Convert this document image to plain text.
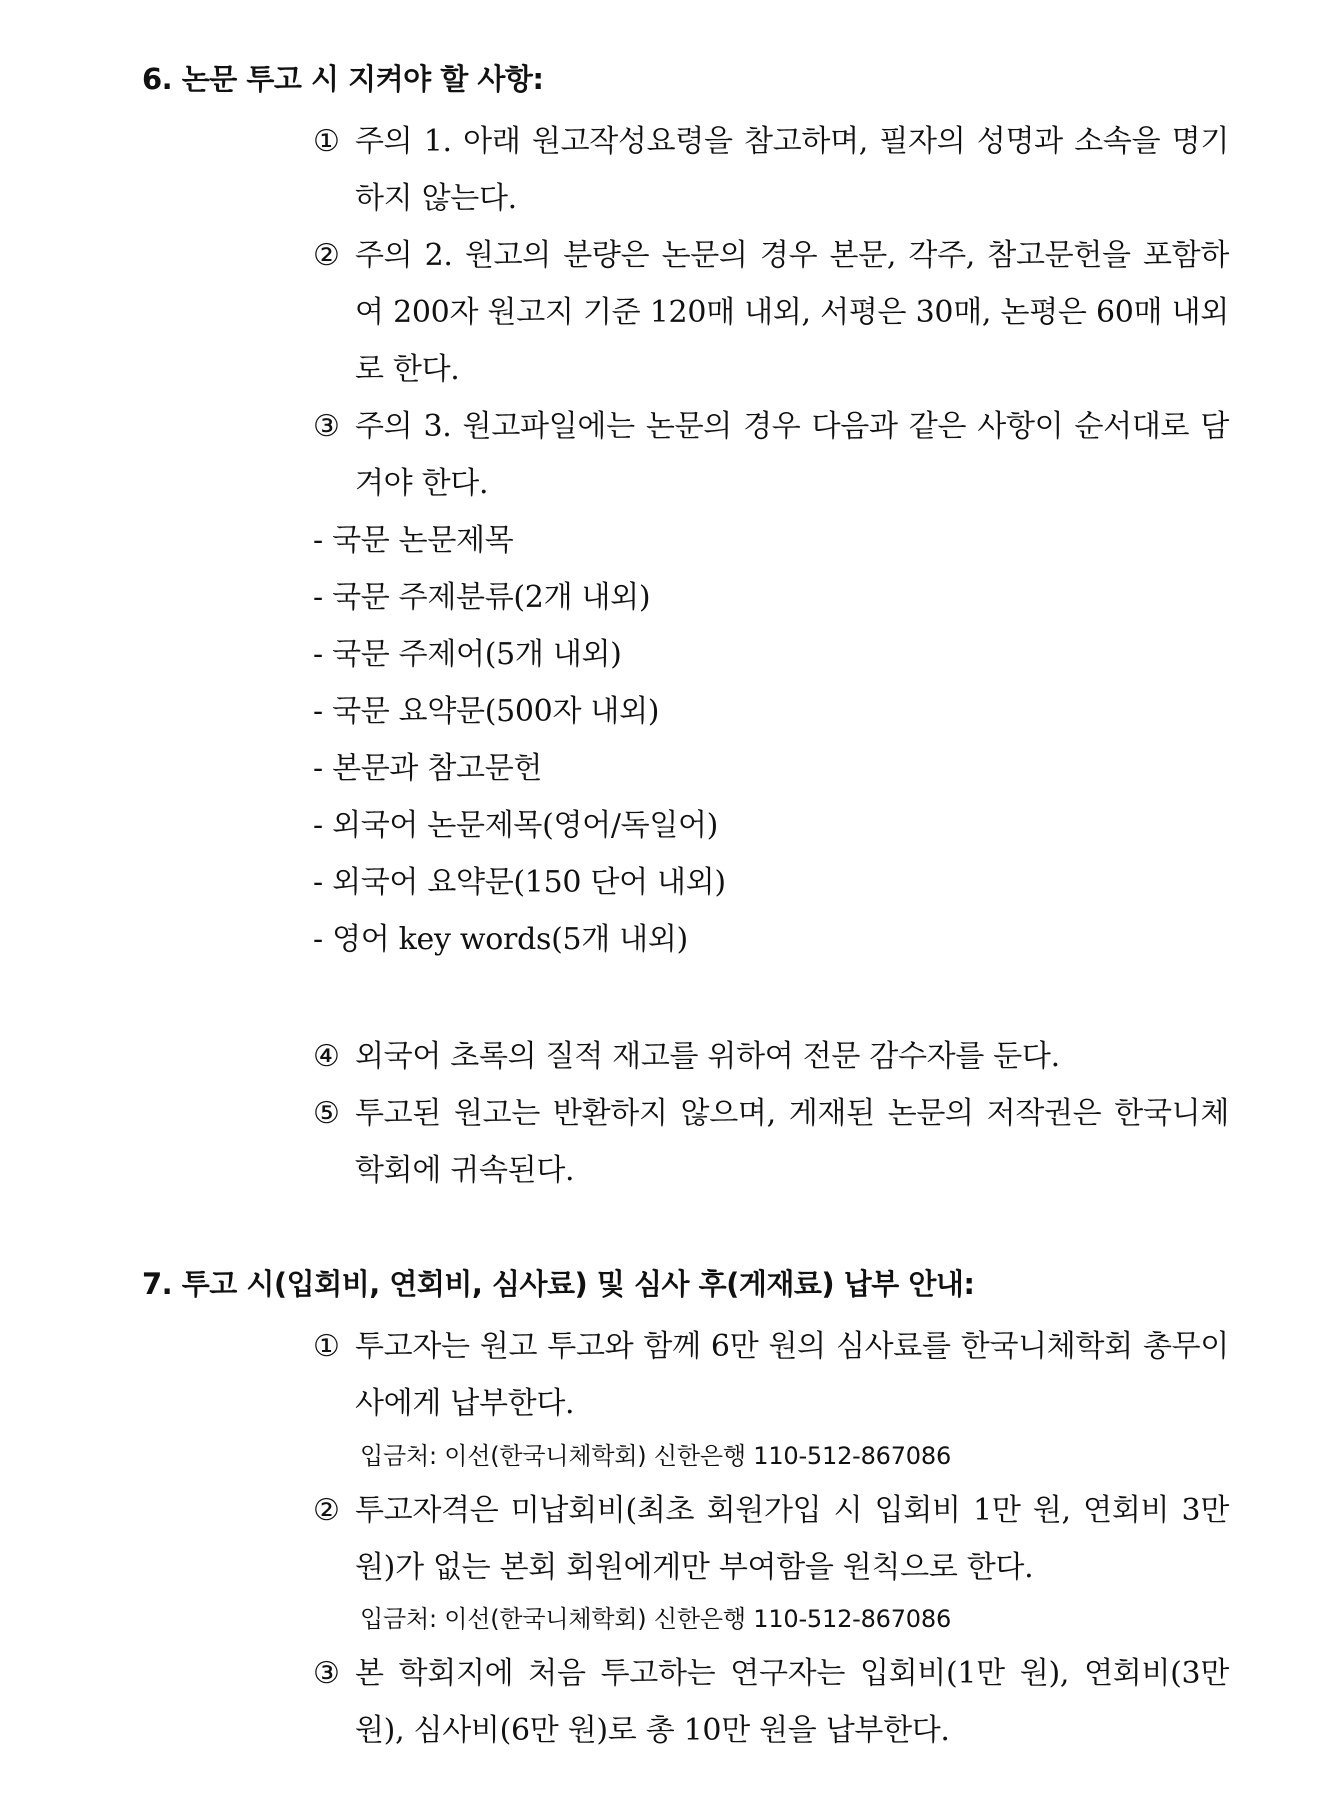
6. 논문 투고 시 지켜야 할 사항:
① 주의 1. 아래 원고작성요령을 참고하며, 필자의 성명과 소속을 명기하지 않는다.
② 주의 2. 원고의 분량은 논문의 경우 본문, 각주, 참고문헌을 포함하여 200자 원고지 기준 120매 내외, 서평은 30매, 논평은 60매 내외로 한다.
③ 주의 3. 원고파일에는 논문의 경우 다음과 같은 사항이 순서대로 담겨야 한다.
- 국문 논문제목
- 국문 주제분류(2개 내외)
- 국문 주제어(5개 내외)
- 국문 요약문(500자 내외)
- 본문과 참고문헌
- 외국어 논문제목(영어/독일어)
- 외국어 요약문(150 단어 내외)
- 영어 key words(5개 내외)
④ 외국어 초록의 질적 재고를 위하여 전문 감수자를 둔다.
⑤ 투고된 원고는 반환하지 않으며, 게재된 논문의 저작권은 한국니체학회에 귀속된다.
7. 투고 시(입회비, 연회비, 심사료) 및 심사 후(게재료) 납부 안내:
① 투고자는 원고 투고와 함께 6만 원의 심사료를 한국니체학회 총무이사에게 납부한다.
입금처: 이선(한국니체학회) 신한은행 110-512-867086
② 투고자격은 미납회비(최초 회원가입 시 입회비 1만 원, 연회비 3만 원)가 없는 본회 회원에게만 부여함을 원칙으로 한다.
입금처: 이선(한국니체학회) 신한은행 110-512-867086
③ 본 학회지에 처음 투고하는 연구자는 입회비(1만 원), 연회비(3만 원), 심사비(6만 원)로 총 10만 원을 납부한다.
